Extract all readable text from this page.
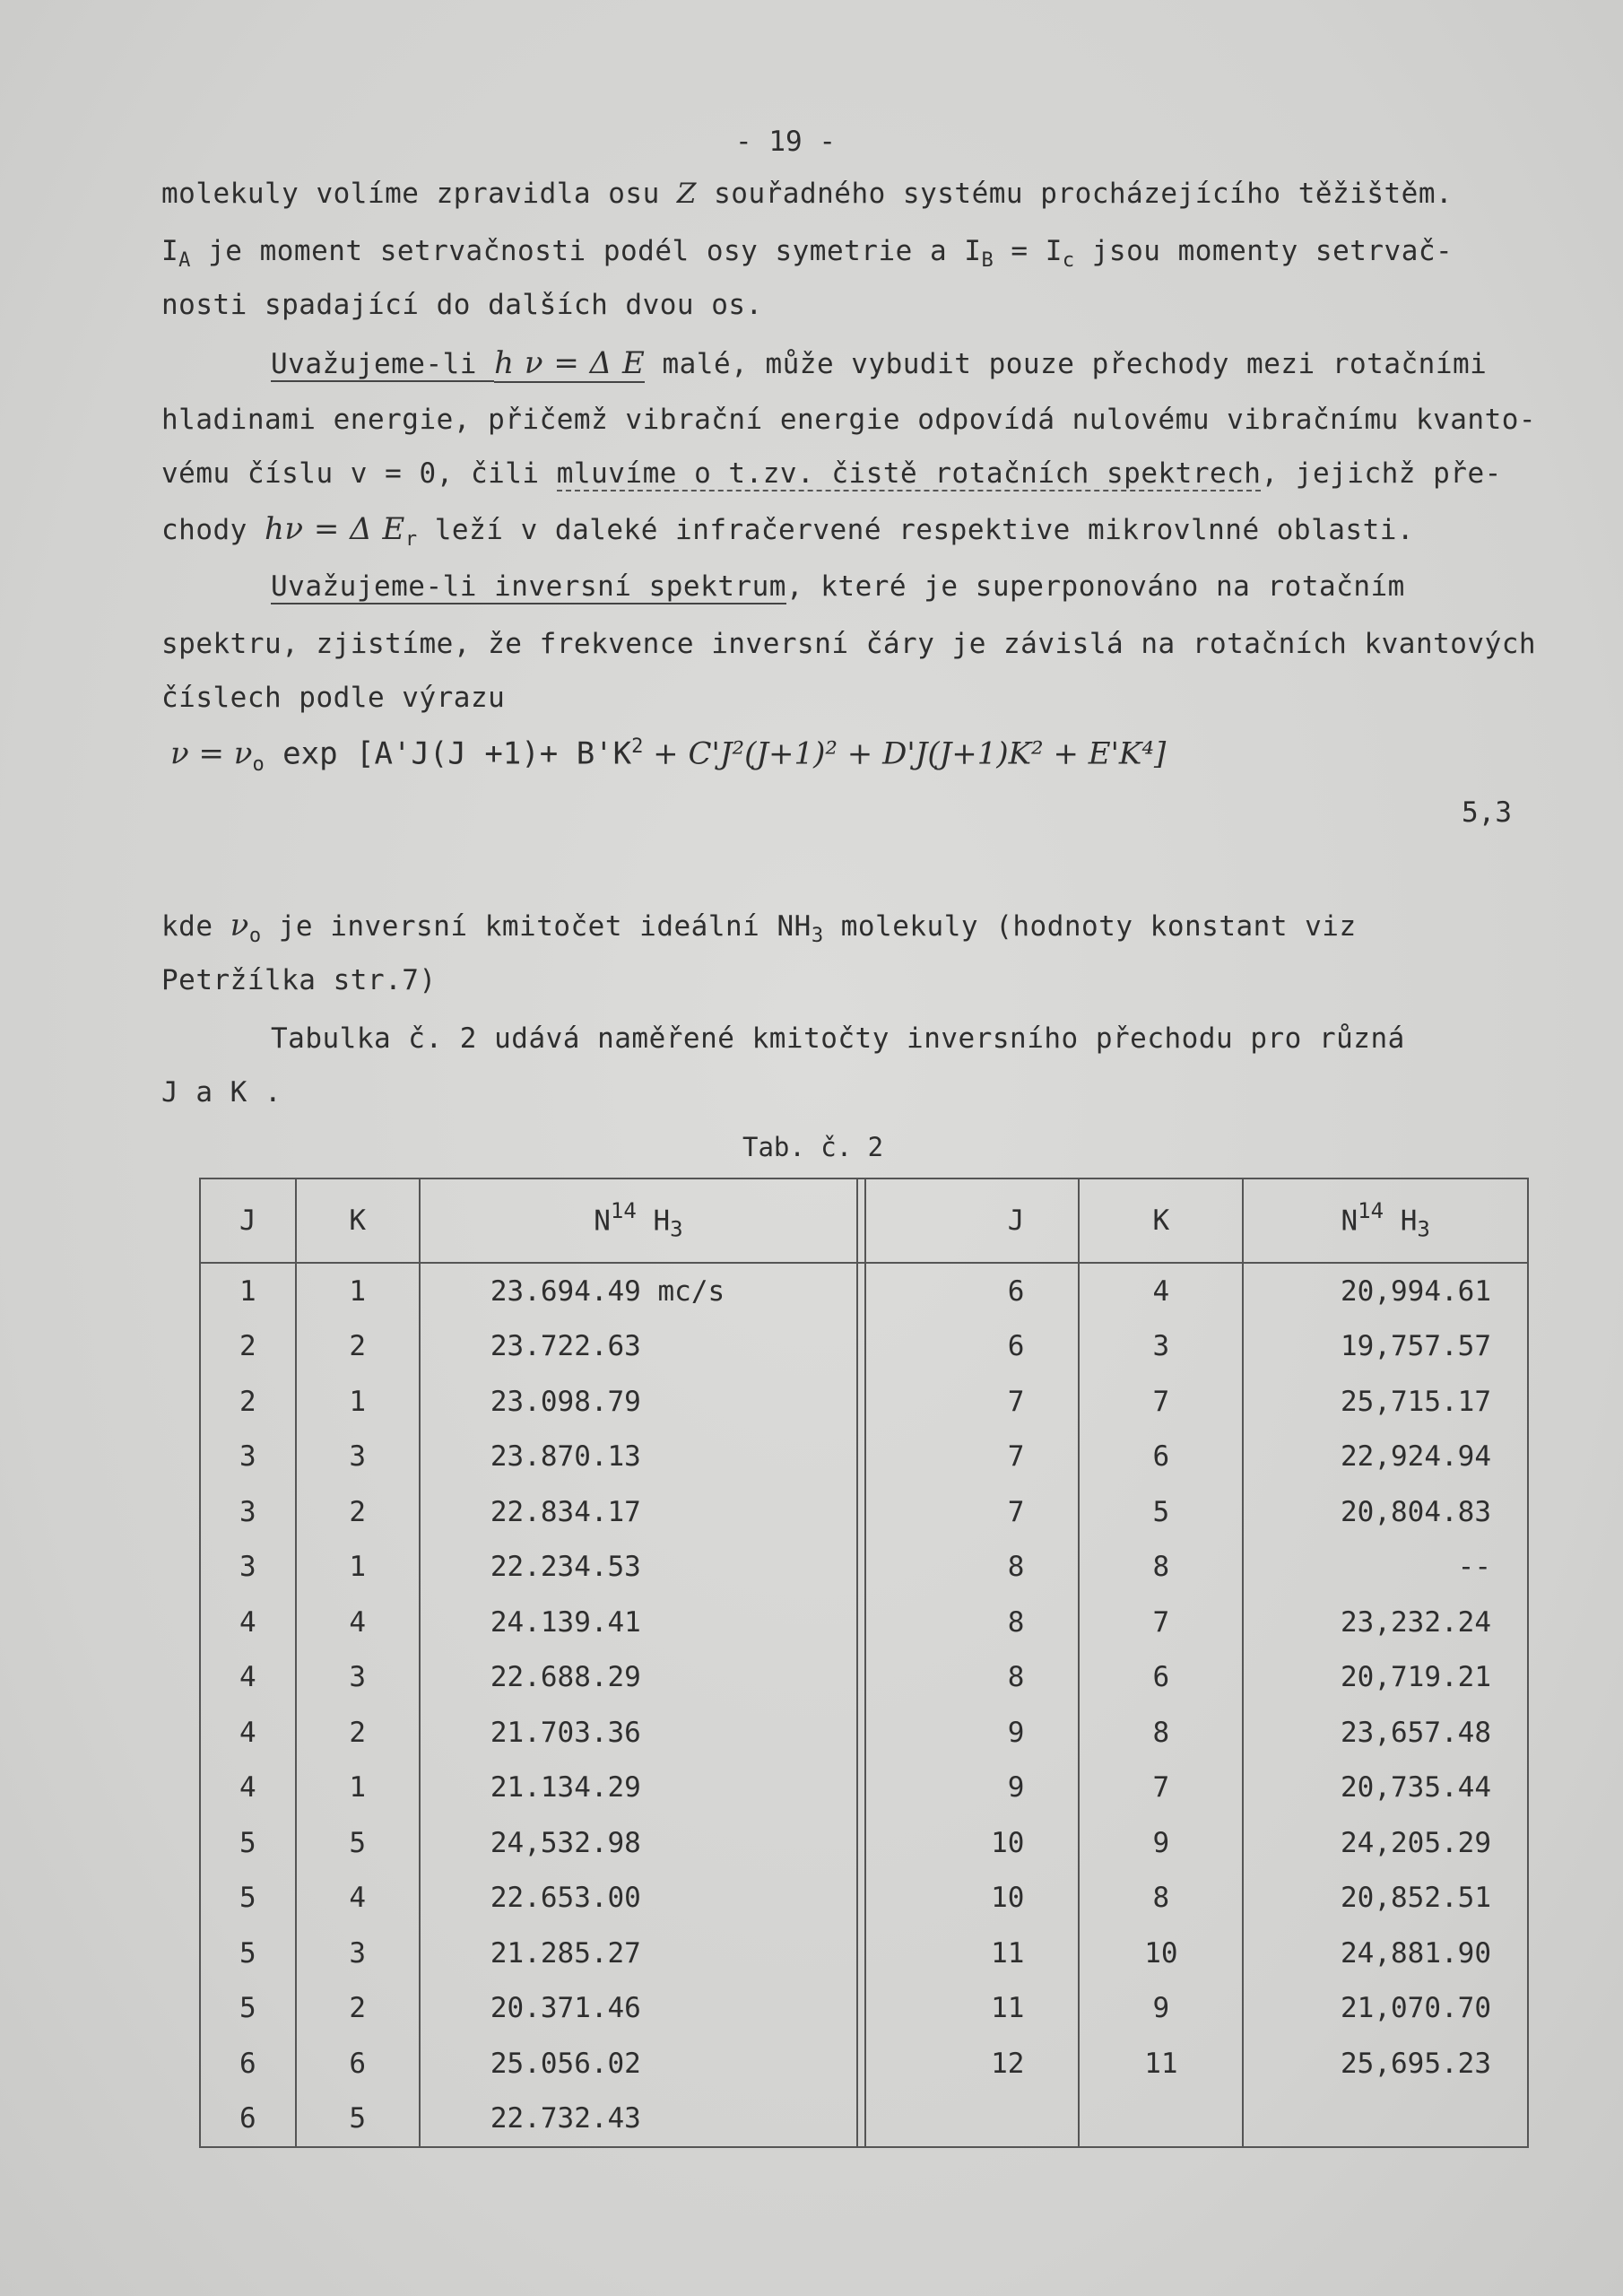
- 19 -
molekuly volíme zpravidla osu Z souřadného systému procházejícího těžištěm.
$I_A$ je moment setrvačnosti podél osy symetrie a $I_B = I_c$ jsou momenty setrvač-
nosti spadající do dalších dvou os.
Uvažujeme-li h ν = Δ E malé, může vybudit pouze přechody mezi rotačními
hladinami energie, přičemž vibrační energie odpovídá nulovému vibračnímu kvanto-
vému číslu v = 0, čili mluvíme o t.zv. čistě rotačních spektrech, jejichž pře-
chody hν = Δ $E_r$ leží v daleké infračervené respektive mikrovlnné oblasti.
Uvažujeme-li inversní spektrum, které je superponováno na rotačním
spektru, zjistíme, že frekvence inversní čáry je závislá na rotačních kvantových
číslech podle výrazu
$\nu = \nu_o$ $\exp [A'J(J +1)+ B'K^2 + C'J^2(J+1)^2 + D'J(J+1)K^2 + E'K^4]$
5,3
kde $\nu_o$ je inversní kmitočet ideální $NH_3$ molekuly (hodnoty konstant viz
Petržílka str.7)
Tabulka č. 2 udává naměřené kmitočty inversního přechodu pro různá
J a K .
Tab. č. 2
J	K	$N^{14}$ $H_3$		J	K	$N^{14}$ $H_3$
1	1	23.694.49 mc/s		6	4	20,994.61
2	2	23.722.63		6	3	19,757.57
2	1	23.098.79		7	7	25,715.17
3	3	23.870.13		7	6	22,924.94
3	2	22.834.17		7	5	20,804.83
3	1	22.234.53		8	8	--
4	4	24.139.41		8	7	23,232.24
4	3	22.688.29		8	6	20,719.21
4	2	21.703.36		9	8	23,657.48
4	1	21.134.29		9	7	20,735.44
5	5	24,532.98		10	9	24,205.29
5	4	22.653.00		10	8	20,852.51
5	3	21.285.27		11	10	24,881.90
5	2	20.371.46		11	9	21,070.70
6	6	25.056.02		12	11	25,695.23
6	5	22.732.43				
